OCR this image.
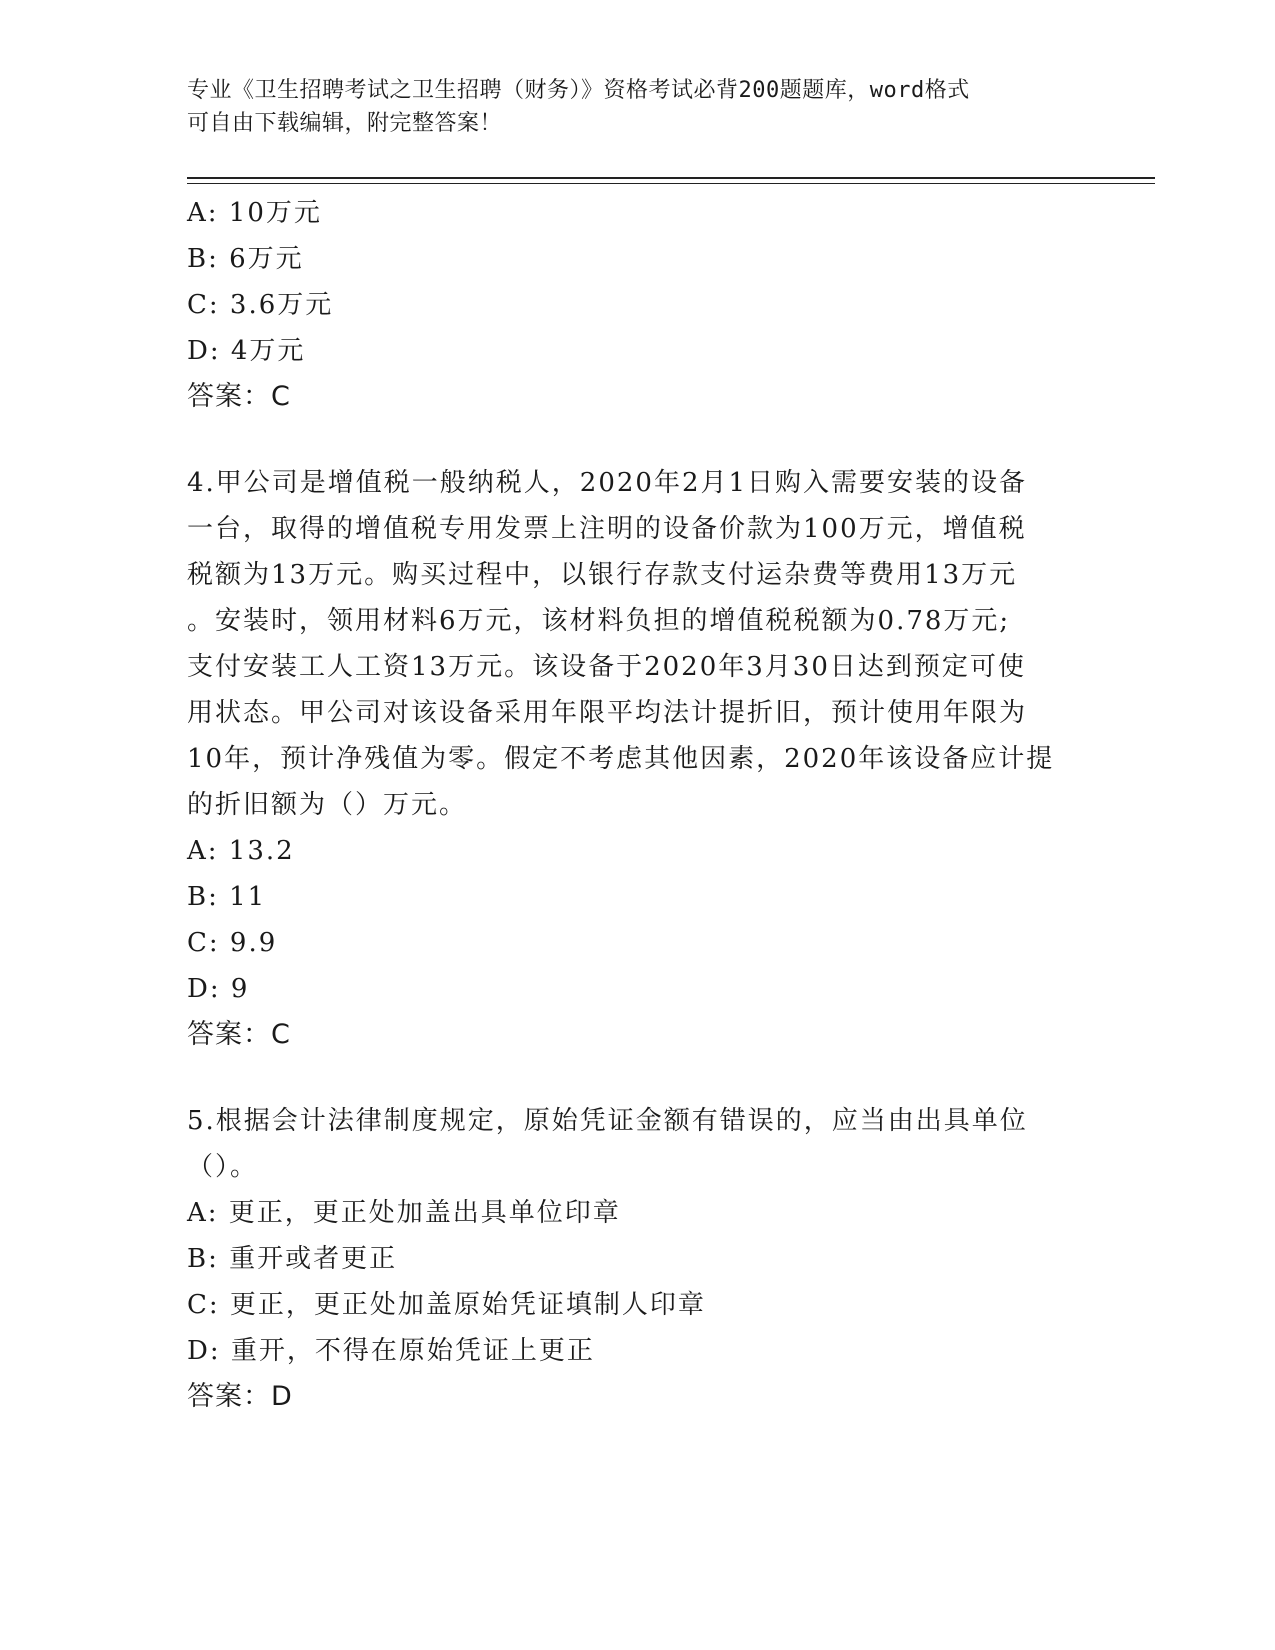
专业《卫生招聘考试之卫生招聘（财务）》资格考试必背200题题库，word格式
可自由下载编辑，附完整答案！
A: 10万元
B: 6万元
C: 3.6万元
D: 4万元
答案：C
4.甲公司是增值税一般纳税人，2020年2月1日购入需要安装的设备
一台，取得的增值税专用发票上注明的设备价款为100万元，增值税
税额为13万元。购买过程中，以银行存款支付运杂费等费用13万元
。安装时，领用材料6万元，该材料负担的增值税税额为0.78万元;
支付安装工人工资13万元。该设备于2020年3月30日达到预定可使
用状态。甲公司对该设备采用年限平均法计提折旧，预计使用年限为
10年，预计净残值为零。假定不考虑其他因素，2020年该设备应计提
的折旧额为（）万元。
A: 13.2
B: 11
C: 9.9
D: 9
答案：C
5.根据会计法律制度规定，原始凭证金额有错误的，应当由出具单位
（）。
A: 更正，更正处加盖出具单位印章
B: 重开或者更正
C: 更正，更正处加盖原始凭证填制人印章
D: 重开，不得在原始凭证上更正
答案：D
